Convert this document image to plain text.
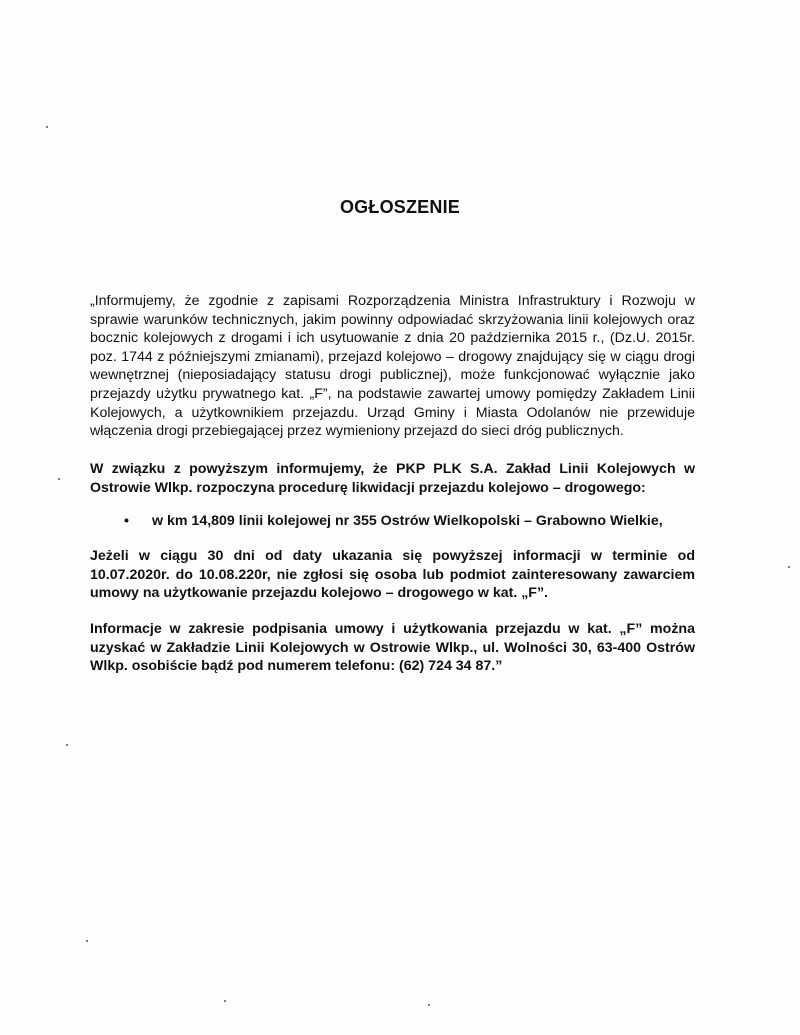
OGŁOSZENIE
„Informujemy, że zgodnie z zapisami Rozporządzenia Ministra Infrastruktury i Rozwoju w sprawie warunków technicznych, jakim powinny odpowiadać skrzyżowania linii kolejowych oraz bocznic kolejowych z drogami i ich usytuowanie z dnia 20 października 2015 r., (Dz.U. 2015r. poz. 1744 z późniejszymi zmianami), przejazd kolejowo – drogowy znajdujący się w ciągu drogi wewnętrznej (nieposiadający statusu drogi publicznej), może funkcjonować wyłącznie jako przejazdy użytku prywatnego kat. „F”, na podstawie zawartej umowy pomiędzy Zakładem Linii Kolejowych, a użytkownikiem przejazdu. Urząd Gminy i Miasta Odolanów nie przewiduje włączenia drogi przebiegającej przez wymieniony przejazd do sieci dróg publicznych.
W związku z powyższym informujemy, że PKP PLK S.A. Zakład Linii Kolejowych w Ostrowie Wlkp. rozpoczyna procedurę likwidacji przejazdu kolejowo – drogowego:
• w km 14,809 linii kolejowej nr 355 Ostrów Wielkopolski – Grabowno Wielkie,
Jeżeli w ciągu 30 dni od daty ukazania się powyższej informacji w terminie od 10.07.2020r. do 10.08.220r, nie zgłosi się osoba lub podmiot zainteresowany zawarciem umowy na użytkowanie przejazdu kolejowo – drogowego w kat. „F”.
Informacje w zakresie podpisania umowy i użytkowania przejazdu w kat. „F” można uzyskać w Zakładzie Linii Kolejowych w Ostrowie Wlkp., ul. Wolności 30, 63-400 Ostrów Wlkp. osobiście bądź pod numerem telefonu: (62) 724 34 87.”
